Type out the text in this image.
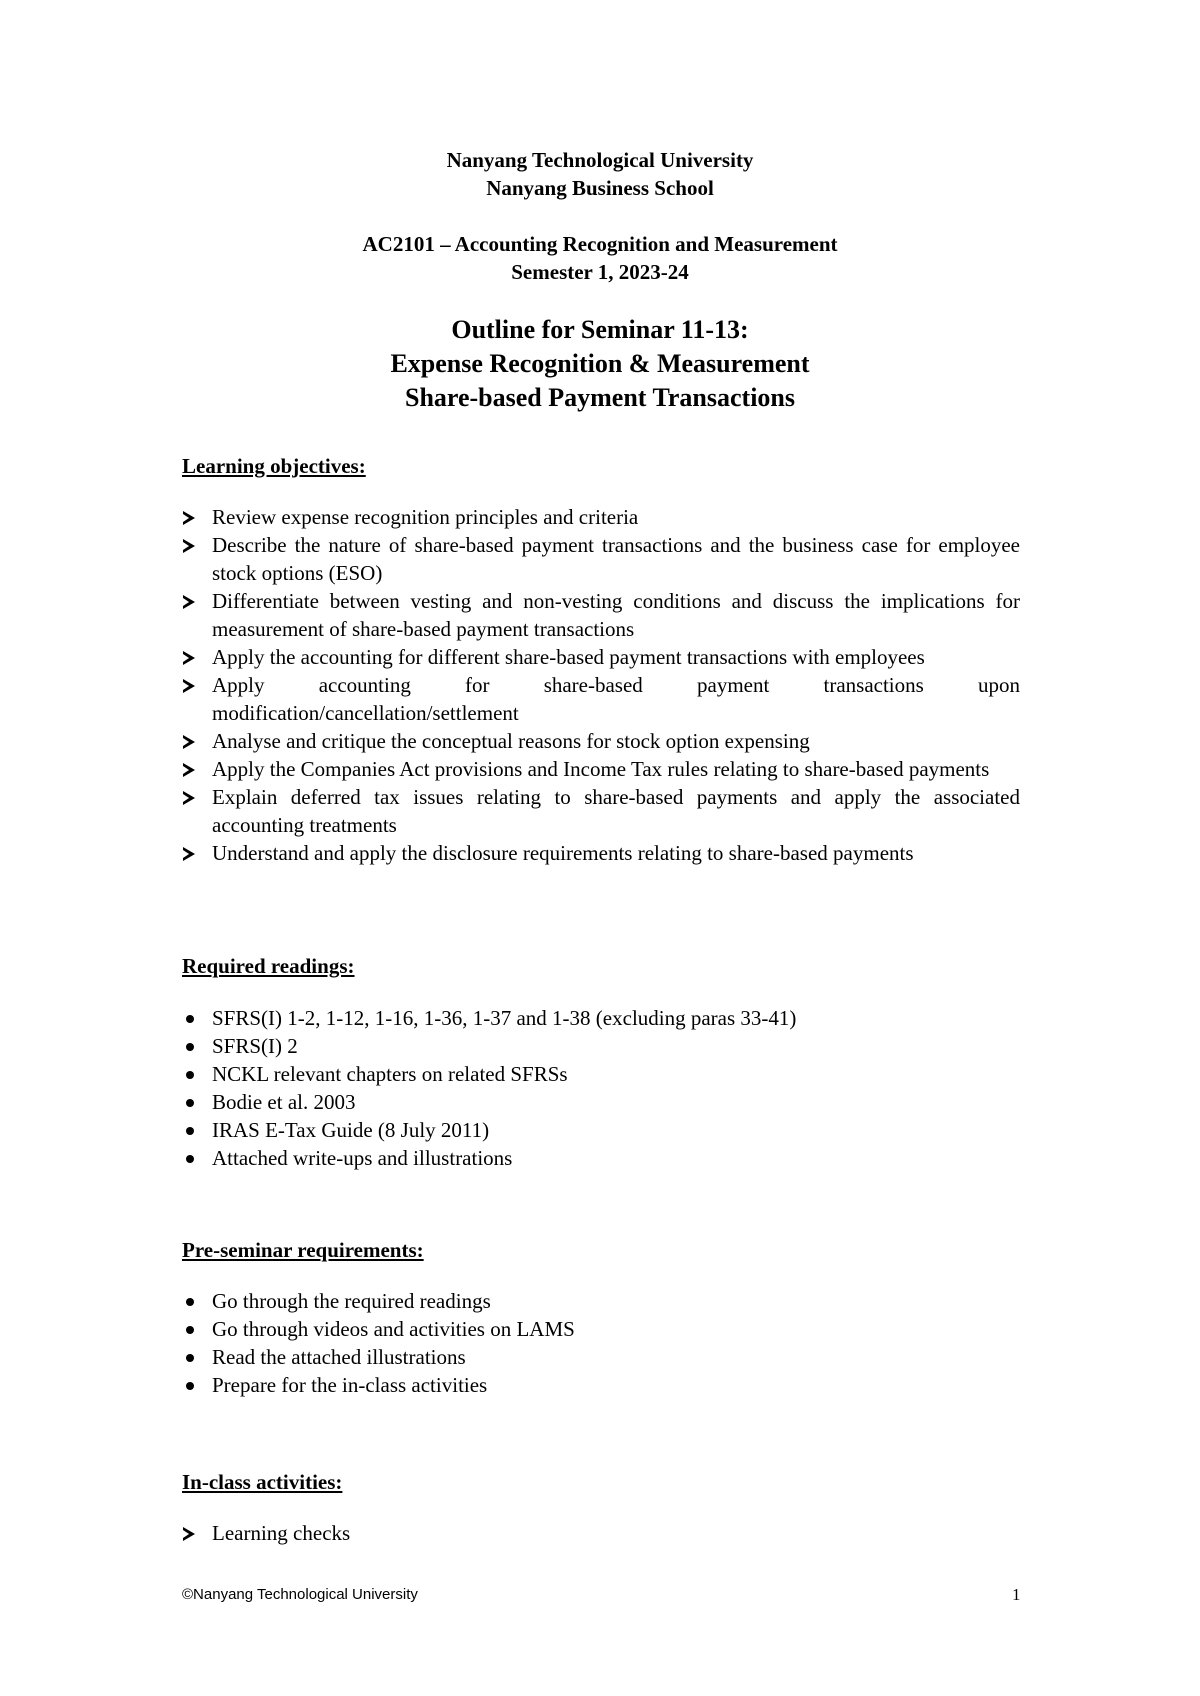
Nanyang Technological University
Nanyang Business School
AC2101 – Accounting Recognition and Measurement
Semester 1, 2023-24
Outline for Seminar 11-13:
Expense Recognition & Measurement
Share-based Payment Transactions
Learning objectives:
Review expense recognition principles and criteria
Describe the nature of share-based payment transactions and the business case for employee stock options (ESO)
Differentiate between vesting and non-vesting conditions and discuss the implications for measurement of share-based payment transactions
Apply the accounting for different share-based payment transactions with employees
Apply accounting for share-based payment transactions upon modification/cancellation/settlement
Analyse and critique the conceptual reasons for stock option expensing
Apply the Companies Act provisions and Income Tax rules relating to share-based payments
Explain deferred tax issues relating to share-based payments and apply the associated accounting treatments
Understand and apply the disclosure requirements relating to share-based payments
Required readings:
SFRS(I) 1-2, 1-12, 1-16, 1-36, 1-37 and 1-38 (excluding paras 33-41)
SFRS(I) 2
NCKL relevant chapters on related SFRSs
Bodie et al. 2003
IRAS E-Tax Guide (8 July 2011)
Attached write-ups and illustrations
Pre-seminar requirements:
Go through the required readings
Go through videos and activities on LAMS
Read the attached illustrations
Prepare for the in-class activities
In-class activities:
Learning checks
©Nanyang Technological University	1
